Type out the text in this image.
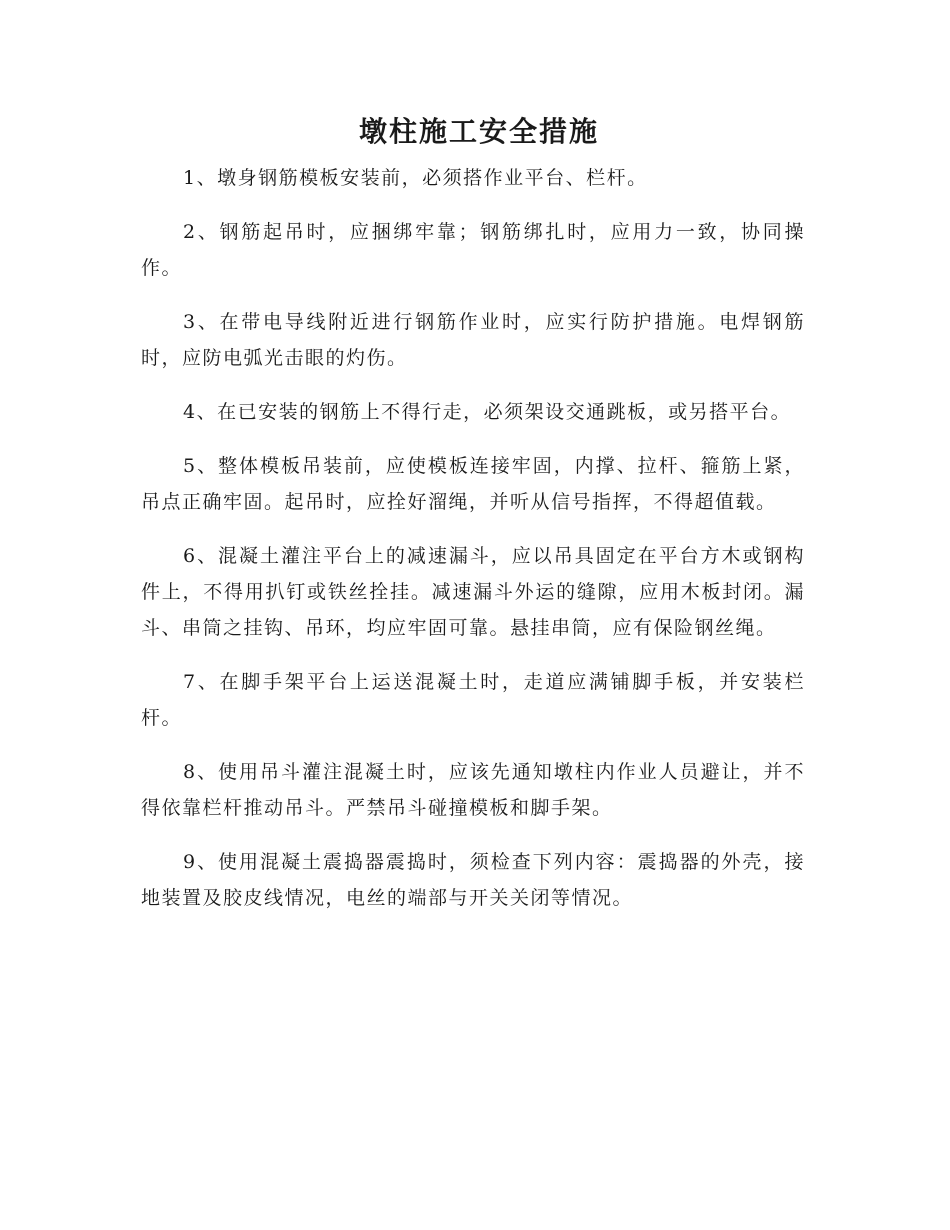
墩柱施工安全措施

1、墩身钢筋模板安装前，必须搭作业平台、栏杆。

2、钢筋起吊时，应捆绑牢靠；钢筋绑扎时，应用力一致，协同操作。

3、在带电导线附近进行钢筋作业时，应实行防护措施。电焊钢筋时，应防电弧光击眼的灼伤。

4、在已安装的钢筋上不得行走，必须架设交通跳板，或另搭平台。

5、整体模板吊装前，应使模板连接牢固，内撑、拉杆、箍筋上紧，吊点正确牢固。起吊时，应拴好溜绳，并听从信号指挥，不得超值载。

6、混凝土灌注平台上的减速漏斗，应以吊具固定在平台方木或钢构件上，不得用扒钉或铁丝拴挂。减速漏斗外运的缝隙，应用木板封闭。漏斗、串筒之挂钩、吊环，均应牢固可靠。悬挂串筒，应有保险钢丝绳。

7、在脚手架平台上运送混凝土时，走道应满铺脚手板，并安装栏杆。

8、使用吊斗灌注混凝土时，应该先通知墩柱内作业人员避让，并不得依靠栏杆推动吊斗。严禁吊斗碰撞模板和脚手架。

9、使用混凝土震捣器震捣时，须检查下列内容：震捣器的外壳，接地装置及胶皮线情况，电丝的端部与开关关闭等情况。
